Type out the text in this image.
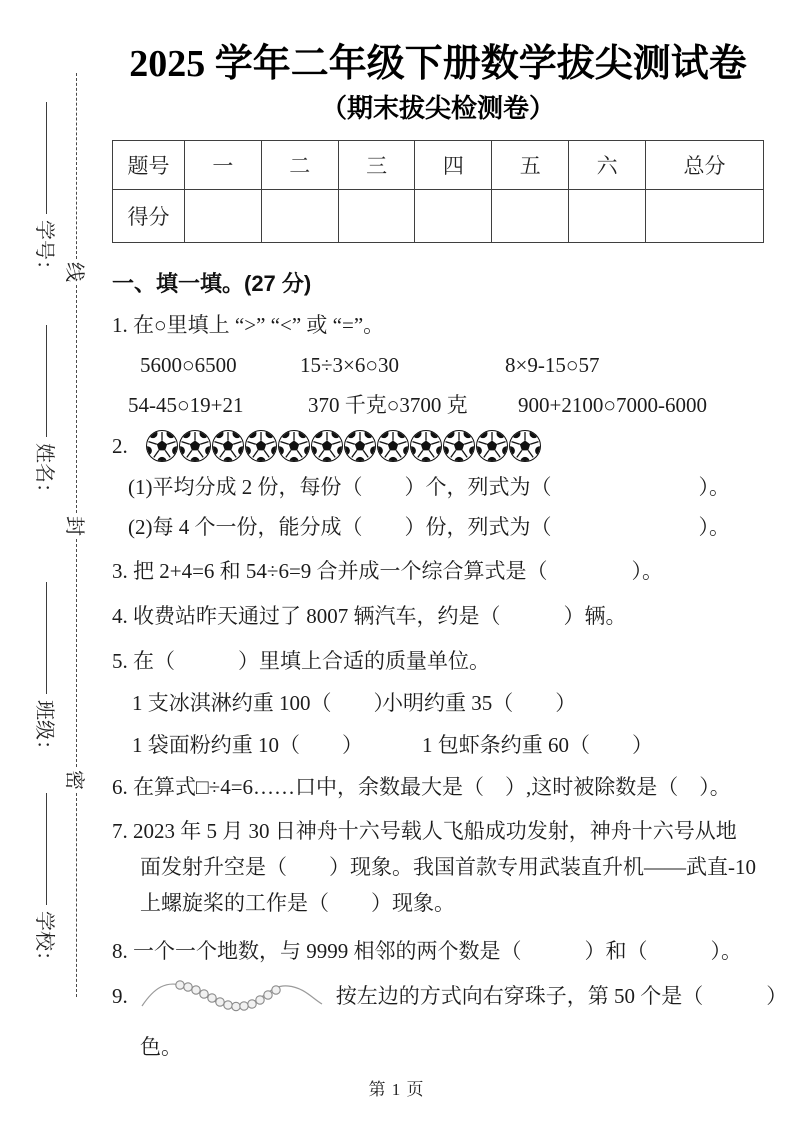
学号：
姓名：
班级：
学校：
线
封
密
2025 学年二年级下册数学拔尖测试卷
（期末拔尖检测卷）
题号	一	二	三	四	五	六	总分
得分							
一、填一填。(27 分)
1. 在○里填上 “>” “<” 或 “=”。
5600○6500	15÷3×6○30	8×9-15○57
54-45○19+21	370 千克○3700 克	900+2100○7000-6000
2.
(1)平均分成 2 份，每份（　　）个，列式为（　　　　　　　）。
(2)每 4 个一份，能分成（　　）份，列式为（　　　　　　　）。
3. 把 2+4=6 和 54÷6=9 合并成一个综合算式是（　　　　）。
4. 收费站昨天通过了 8007 辆汽车，约是（　　　）辆。
5. 在（　　　）里填上合适的质量单位。
1 支冰淇淋约重 100（　　）
小明约重 35（　　）
1 袋面粉约重 10（　　）	1 包虾条约重 60（　　）
6. 在算式□÷4=6……口中，余数最大是（　）,这时被除数是（　）。
7. 2023 年 5 月 30 日神舟十六号载人飞船成功发射，神舟十六号从地
面发射升空是（　　）现象。我国首款专用武装直升机——武直-10
上螺旋桨的工作是（　　）现象。
8. 一个一个地数，与 9999 相邻的两个数是（　　　）和（　　　）。
9.	按左边的方式向右穿珠子，第 50 个是（　　　）
色。
第 1 页
